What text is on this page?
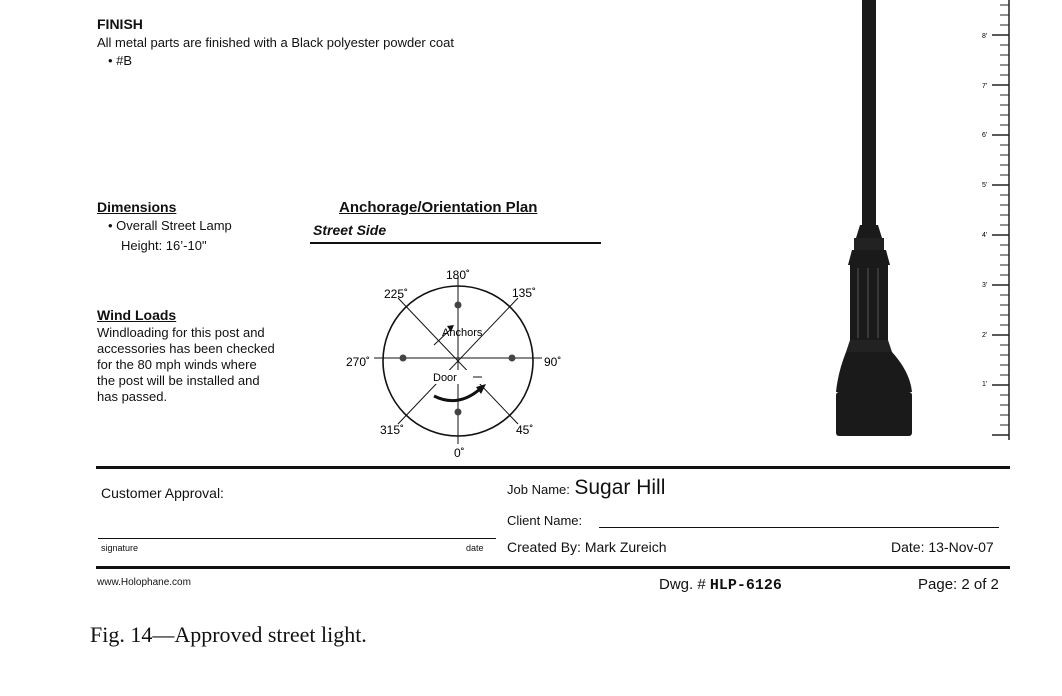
FINISH
All metal parts are finished with a Black polyester powder coat
• #B
Dimensions
• Overall Street Lamp
Height: 16’-10"
Wind Loads
Windloading for this post and
accessories has been checked
for the 80 mph winds where
the post will be installed and
has passed.
Anchorage/Orientation Plan
Street Side
180˚
135˚
225˚
270˚	90˚
315˚	45˚
0˚
Anchors
Door
8'
7'
6'
5'
4'
3'
2'
1'
Customer Approval:
signature	date
Job Name: Sugar Hill
Client Name:
Created By: Mark Zureich	Date: 13-Nov-07
www.Holophane.com	Dwg. # HLP-6126	Page: 2 of 2
Fig. 14—Approved street light.
